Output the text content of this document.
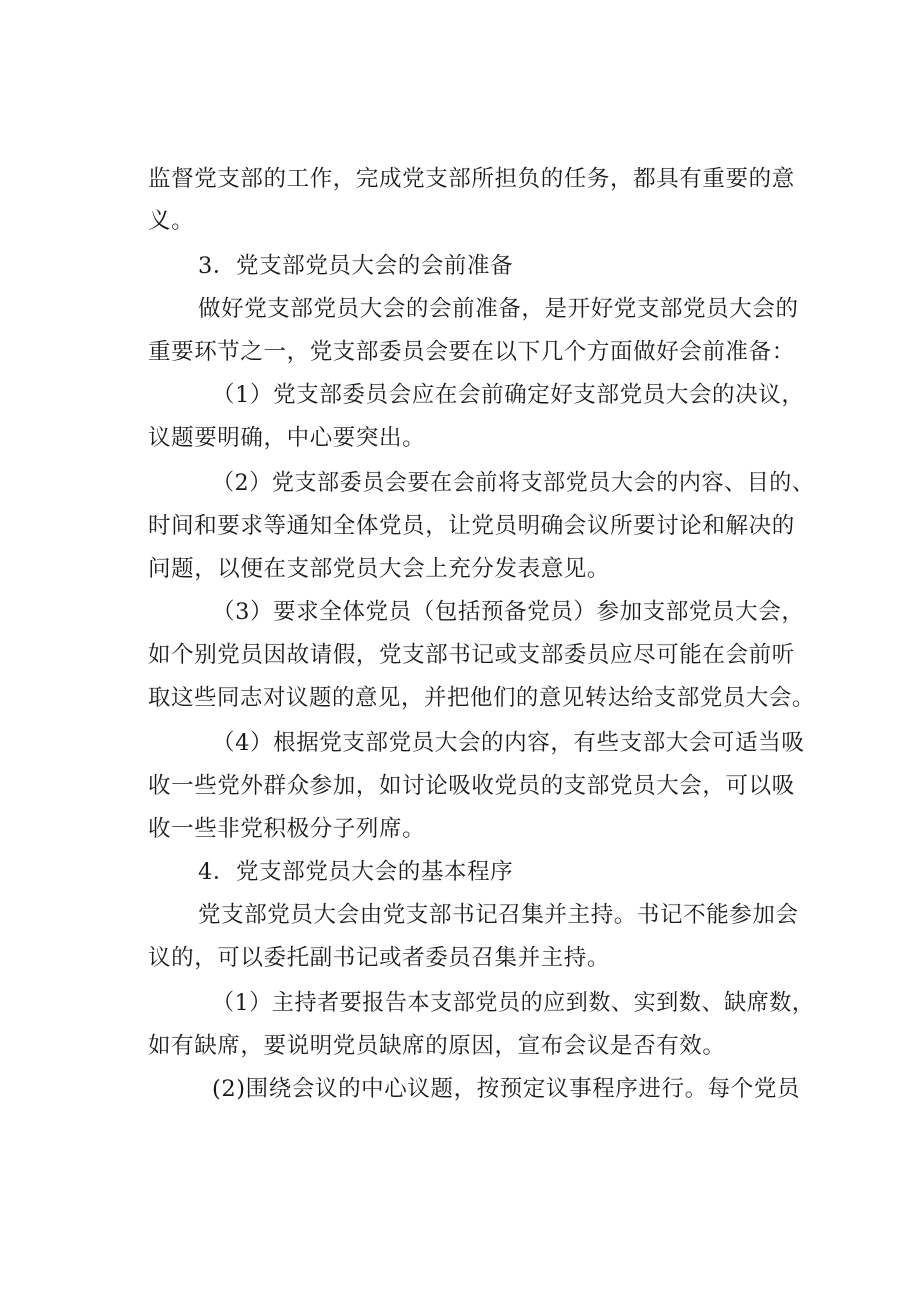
监督党支部的工作，完成党支部所担负的任务，都具有重要的意
义。
3．党支部党员大会的会前准备
做好党支部党员大会的会前准备，是开好党支部党员大会的
重要环节之一，党支部委员会要在以下几个方面做好会前准备：
（1）党支部委员会应在会前确定好支部党员大会的决议，
议题要明确，中心要突出。
（2）党支部委员会要在会前将支部党员大会的内容、目的、
时间和要求等通知全体党员，让党员明确会议所要讨论和解决的
问题，以便在支部党员大会上充分发表意见。
（3）要求全体党员（包括预备党员）参加支部党员大会，
如个别党员因故请假，党支部书记或支部委员应尽可能在会前听
取这些同志对议题的意见，并把他们的意见转达给支部党员大会。
（4）根据党支部党员大会的内容，有些支部大会可适当吸
收一些党外群众参加，如讨论吸收党员的支部党员大会，可以吸
收一些非党积极分子列席。
4．党支部党员大会的基本程序
党支部党员大会由党支部书记召集并主持。书记不能参加会
议的，可以委托副书记或者委员召集并主持。
（1）主持者要报告本支部党员的应到数、实到数、缺席数，
如有缺席，要说明党员缺席的原因，宣布会议是否有效。
(2)围绕会议的中心议题，按预定议事程序进行。每个党员
